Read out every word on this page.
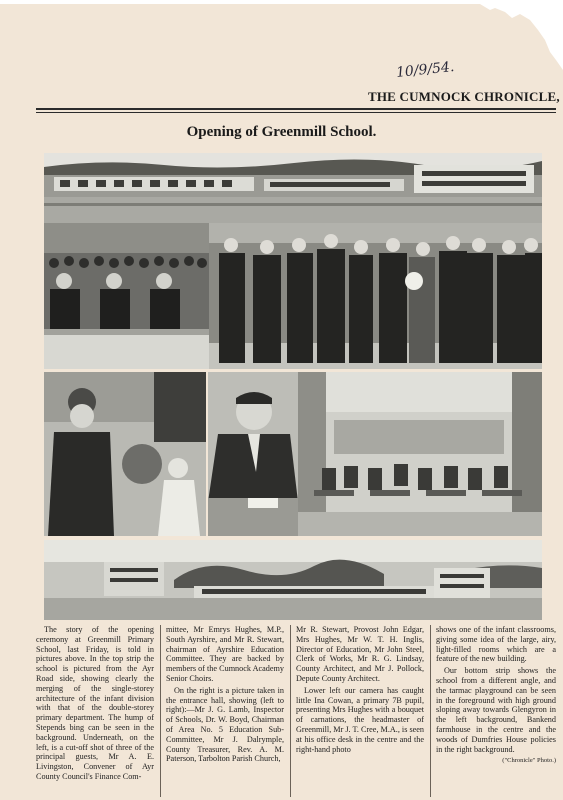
10/9/54.
THE CUMNOCK CHRONICLE,
Opening of Greenmill School.

The story of the opening ceremony at Greenmill Primary School, last Friday, is told in pictures above. In the top strip the school is pictured from the Ayr Road side, showing clearly the merging of the single-storey architecture of the infant division with that of the double-storey primary department. The hump of Stepends bing can be seen in the background. Underneath, on the left, is a cut-off shot of three of the principal guests, Mr A. E. Livingston, Convener of Ayr County Council's Finance Com-

mittee, Mr Emrys Hughes, M.P., South Ayrshire, and Mr R. Stewart, chairman of Ayrshire Education Committee. They are backed by members of the Cumnock Academy Senior Choirs.

On the right is a picture taken in the entrance hall, showing (left to right):—Mr J. G. Lamb, Inspector of Schools, Dr. W. Boyd, Chairman of Area No. 5 Education Sub-Committee, Mr J. Dalrymple, County Treasurer, Rev. A. M. Paterson, Tarbolton Parish Church,

Mr R. Stewart, Provost John Edgar, Mrs Hughes, Mr W. T. H. Inglis, Director of Education, Mr John Steel, Clerk of Works, Mr R. G. Lindsay, County Architect, and Mr J. Pollock, Depute County Architect.

Lower left our camera has caught little Ina Cowan, a primary 7B pupil, presenting Mrs Hughes with a bouquet of carnations, the headmaster of Greenmill, Mr J. T. Cree, M.A., is seen at his office desk in the centre and the right-hand photo

shows one of the infant classrooms, giving some idea of the large, airy, light-filled rooms which are a feature of the new building.

Our bottom strip shows the school from a different angle, and the tarmac playground can be seen in the foreground with high ground sloping away towards Glengyron in the left background, Bankend farmhouse in the centre and the woods of Dumfries House policies in the right background.

("Chronicle" Photo.)
